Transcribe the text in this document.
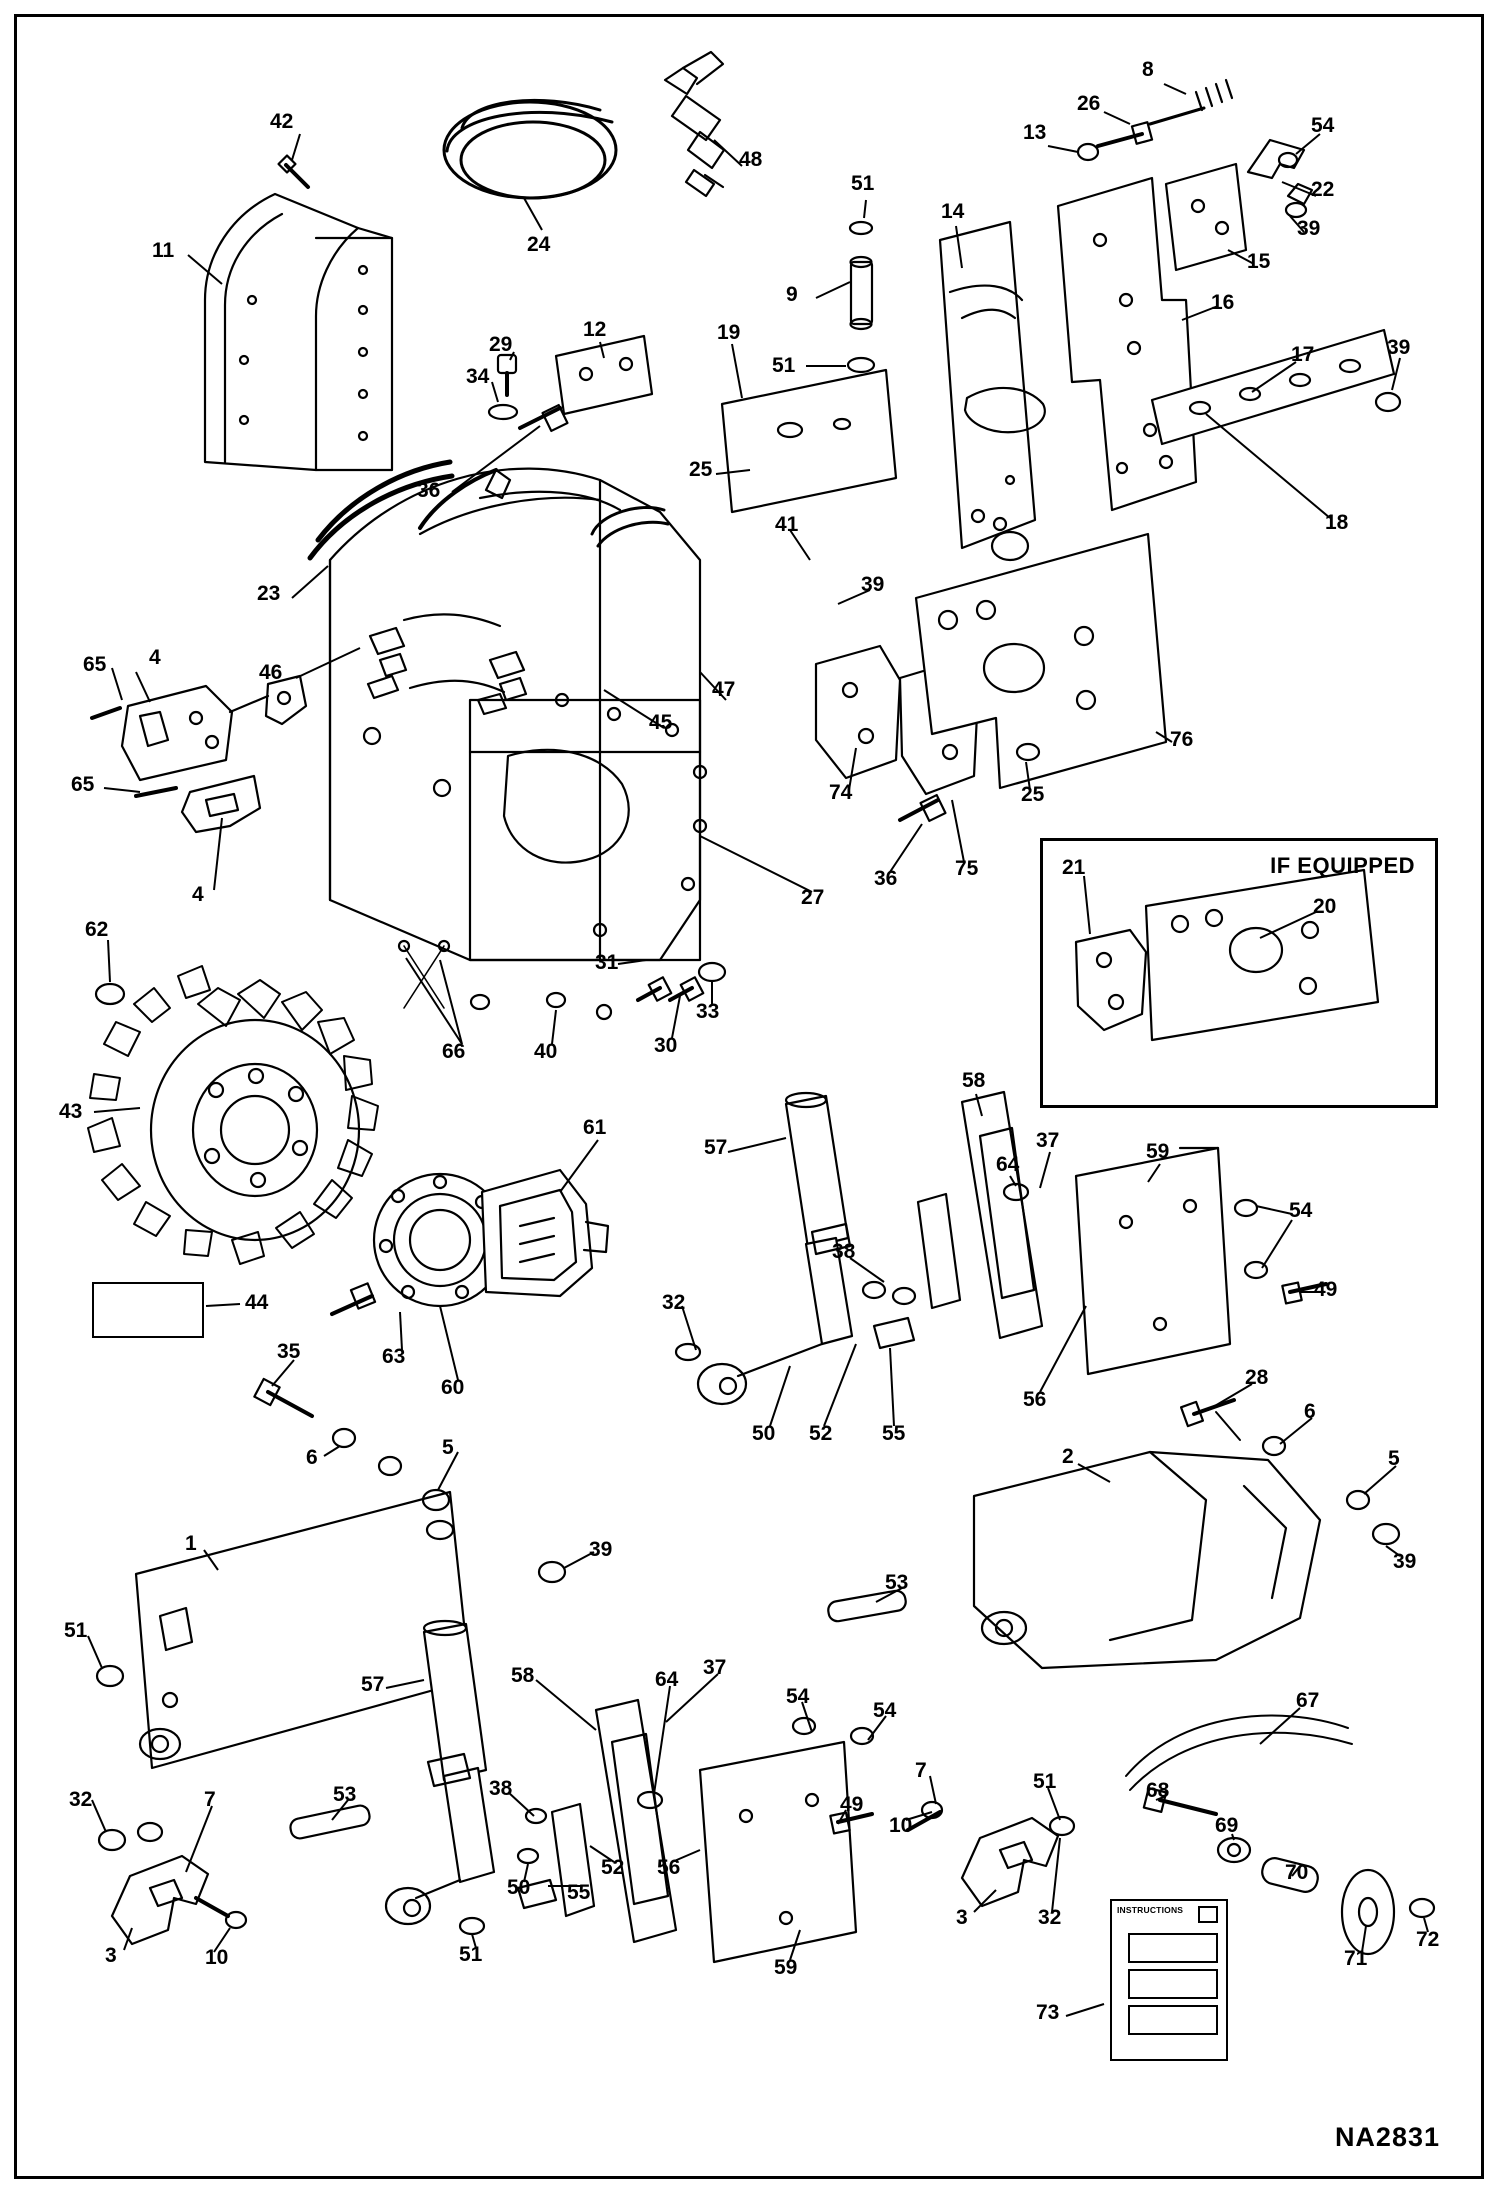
IF EQUIPPED
INSTRUCTIONS
42
11	24
48
51
9
51
14
13
26
8
54
22
39
15
16
17	39
18
29
34
12	19
36
25
41
39
23
46
4
65
65
4
47
45
74
75
36
25
76
62
43
66	40
31
30
33
27
21
20
44
63
60
61
32
57
50 52 55
38
58
64
37	59
54
49
56
28
6
5
39
2
53
35
6	5
39
1
51
32	7
3	10
53
57	58
38
50 55
52 56
51
64
37
54
54
49
59
7
10
51
3	32
67
68
69
70
71
72
73
NA2831
